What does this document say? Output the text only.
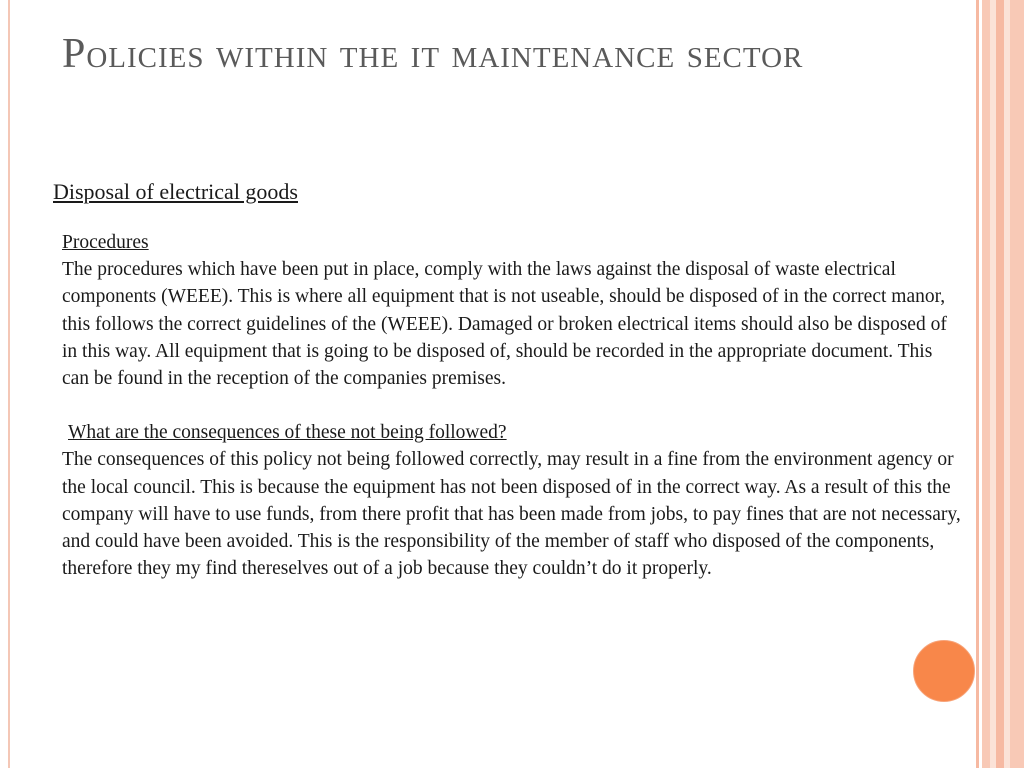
Policies within the it maintenance sector
Disposal of electrical goods

Procedures

The procedures which have been put in place, comply with the laws against the disposal of waste electrical components (WEEE). This is where all equipment that is not useable, should be disposed of in the correct manor, this follows the correct guidelines of the (WEEE). Damaged or broken electrical items should also be disposed of in this way. All equipment that is going to be disposed of, should be recorded in the appropriate document. This can be found in the reception of the companies premises.

What are the consequences of these not being followed?

The consequences of this policy not being followed correctly, may result in a fine from the environment agency or the local council. This is because the equipment has not been disposed of in the correct way. As a result of this the company will have to use funds, from there profit that has been made from jobs, to pay fines that are not necessary, and could have been avoided. This is the responsibility of the member of staff who disposed of the components, therefore they my find thereselves out of a job because they couldn’t do it properly.
